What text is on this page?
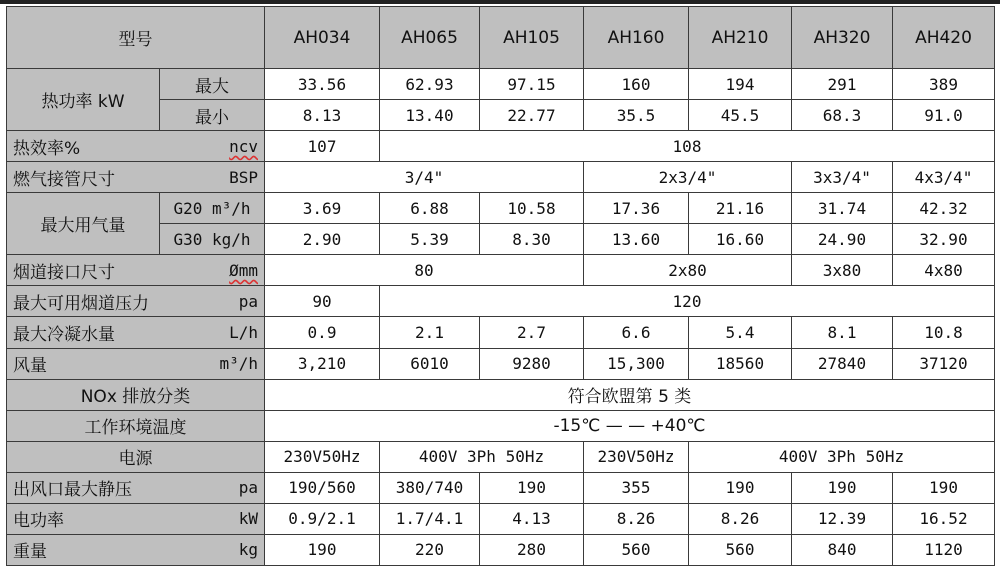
型号		AH034	AH065	AH105	AH160	AH210	AH320	AH420
热功率 kW	最大	33.56	62.93	97.15	160	194	291	389
	最小	8.13	13.40	22.77	35.5	45.5	68.3	91.0

热效率% ncv		107	108					

燃气接管尺寸 BSP		3/4"			2x3/4"		3x3/4"	4x3/4"
最大用气量	G20 m³/h	3.69	6.88	10.58	17.36	21.16	31.74	42.32
	G30 kg/h	2.90	5.39	8.30	13.60	16.60	24.90	32.90

烟道接口尺寸 Ømm		80			2x80		3x80	4x80

最大可用烟道压力 pa		90	120					

最大冷凝水量 L/h		0.9	2.1	2.7	6.6	5.4	8.1	10.8

风量 m³/h		3,210	6010	9280	15,300	18560	27840	37120
NOx 排放分类		符合欧盟第 5 类						
工作环境温度		-15℃ — — +40℃						
电源		230V50Hz	400V 3Ph 50Hz		230V50Hz	400V 3Ph 50Hz		

出风口最大静压 pa		190/560	380/740	190	355	190	190	190

电功率 kW		0.9/2.1	1.7/4.1	4.13	8.26	8.26	12.39	16.52

重量 kg		190	220	280	560	560	840	1120
